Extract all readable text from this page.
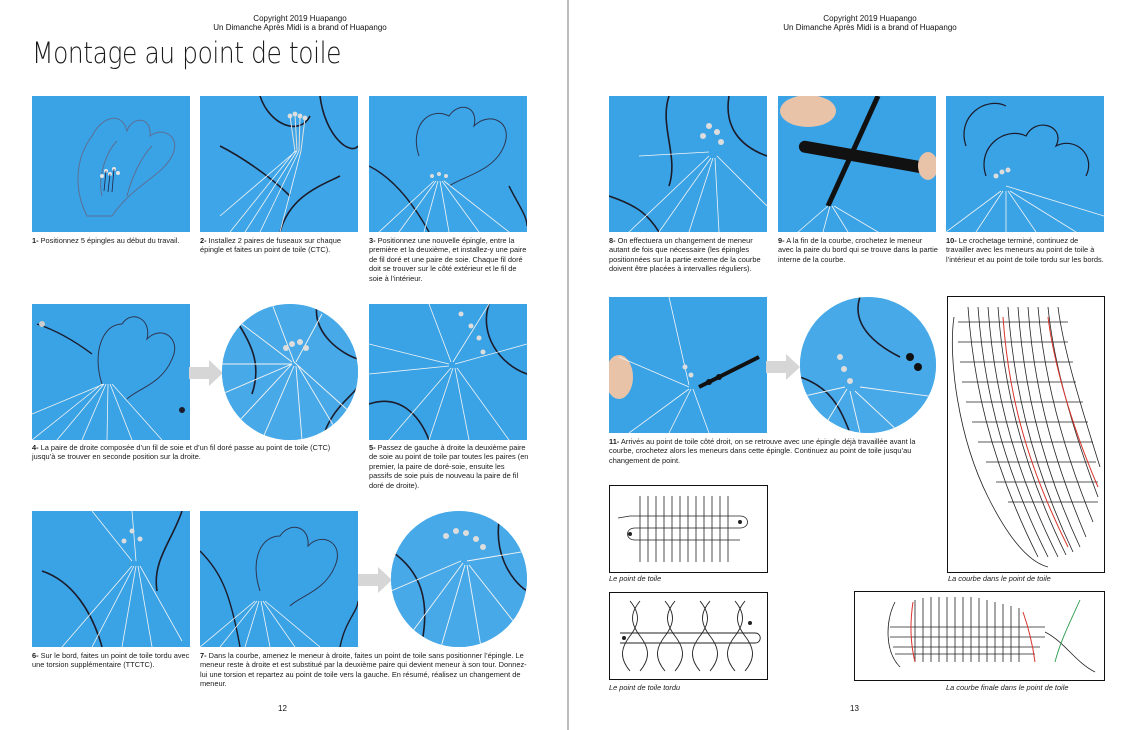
Copyright 2019 Huapango
Un Dimanche Après Midi is a brand of Huapango
Montage au point de toile
1- Positionnez 5 épingles au début du travail.	2- Installez 2 paires de fuseaux sur chaque épingle et faites un point de toile (CTC).
3- Positionnez une nouvelle épingle, entre la première et la deuxième, et installez-y une paire de fil doré et une paire de soie. Chaque fil doré doit se trouver sur le côté extérieur et le fil de soie à l’intérieur.
4- La paire de droite composée d’un fil de soie et d’un fil doré passe au point de toile (CTC) jusqu’à se trouver en seconde position sur la droite.
5- Passez de gauche à droite la deuxième paire de soie au point de toile par toutes les paires (en premier, la paire de doré-soie, ensuite les passifs de soie puis de nouveau la paire de fil doré de droite).
6- Sur le bord, faites un point de toile tordu avec une torsion supplémentaire (TTCTC).
7- Dans la courbe, amenez le meneur à droite, faites un point de toile sans positionner l’épingle. Le meneur reste à droite et est substitué par la deuxième paire qui devient meneur à son tour. Donnez-lui une torsion et repartez au point de toile vers la gauche. En résumé, réalisez un changement de meneur.
12
Copyright 2019 Huapango
Un Dimanche Après Midi is a brand of Huapango
8- On effectuera un changement de meneur autant de fois que nécessaire (les épingles positionnées sur la partie externe de la courbe doivent être placées à intervalles réguliers).
9- A la fin de la courbe, crochetez le meneur avec la paire du bord qui se trouve dans la partie interne de la courbe.
10- Le crochetage terminé, continuez de travailler avec les meneurs au point de toile à l’intérieur et au point de toile tordu sur les bords.
11- Arrivés au point de toile côté droit, on se retrouve avec une épingle déjà travaillée avant la courbe, crochetez alors les meneurs dans cette épingle. Continuez au point de toile jusqu’au changement de point.
Le point de toile
Le point de toile tordu
La courbe dans le point de toile
La courbe finale dans le point de toile
13
